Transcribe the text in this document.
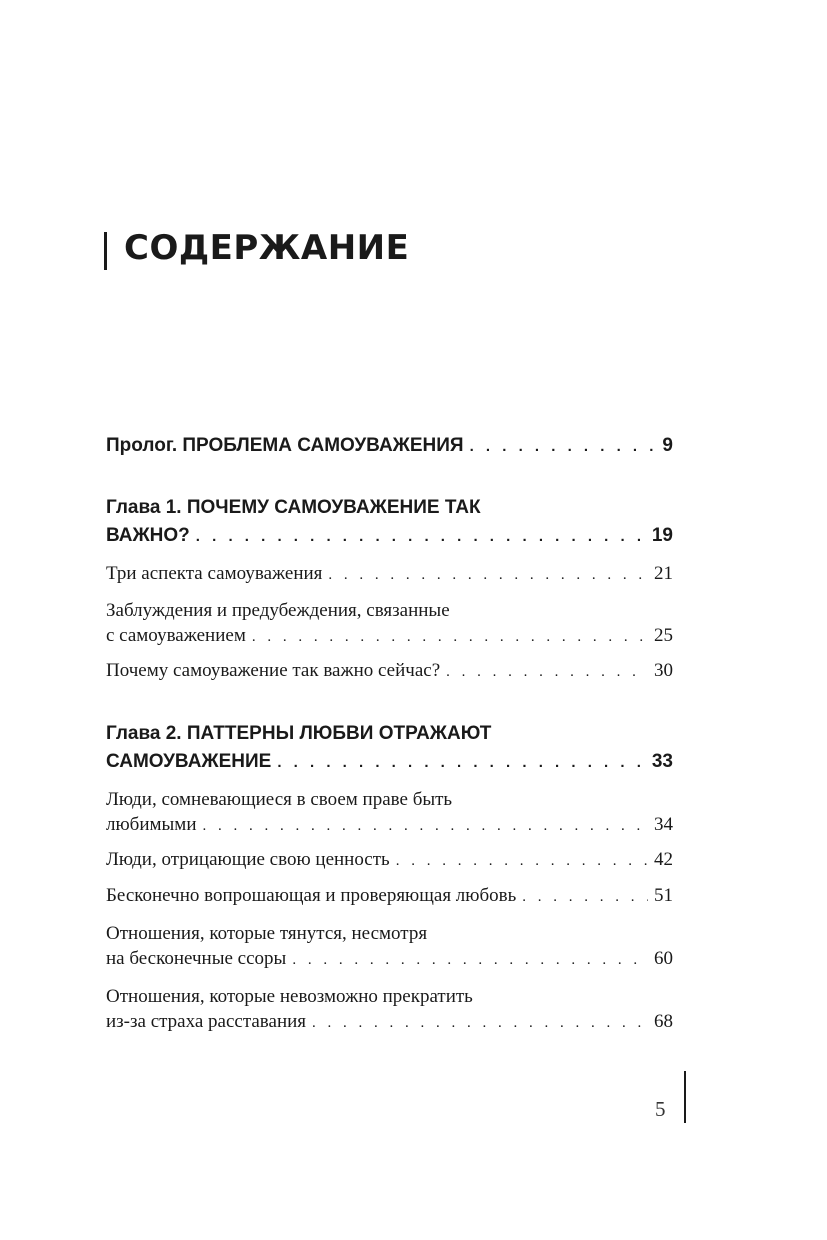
СОДЕРЖАНИЕ
Пролог. ПРОБЛЕМА САМОУВАЖЕНИЯ . . .	9
Глава 1. ПОЧЕМУ САМОУВАЖЕНИЕ ТАК
ВАЖНО? . . .	19
Три аспекта самоуважения . . .	21
Заблуждения и предубеждения, связанные
с самоуважением . . .	25
Почему самоуважение так важно сейчас? . . .	30
Глава 2. ПАТТЕРНЫ ЛЮБВИ ОТРАЖАЮТ
САМОУВАЖЕНИЕ . . .	33
Люди, сомневающиеся в своем праве быть
любимыми . . .	34
Люди, отрицающие свою ценность . . .	42
Бесконечно вопрошающая и проверяющая любовь . . .	51
Отношения, которые тянутся, несмотря
на бесконечные ссоры . . .	60
Отношения, которые невозможно прекратить
из-за страха расставания . . .	68
5
